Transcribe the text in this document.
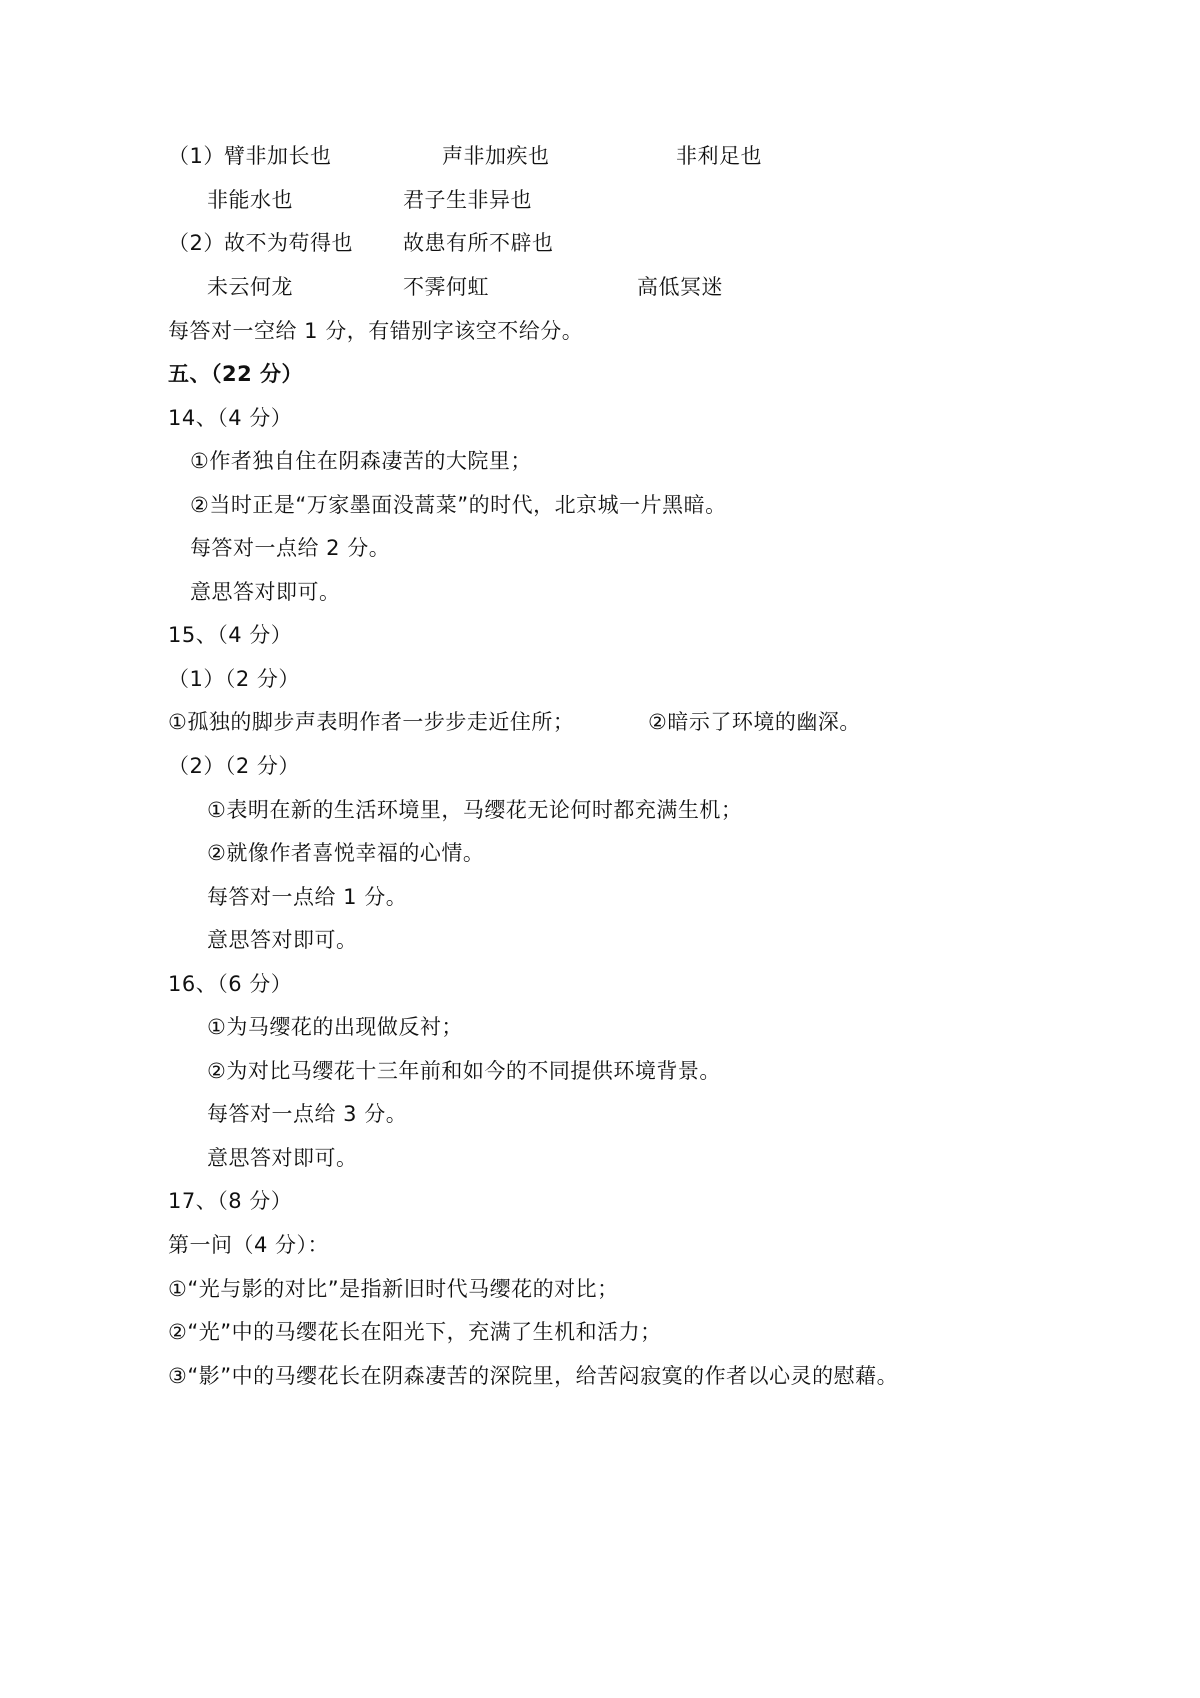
（1） 臂非加长也	声非加疾也	非利足也
非能水也	君子生非异也
（2） 故不为苟得也 故患有所不辟也
未云何龙	不霁何虹	高低冥迷
每答对一空给 1 分，有错别字该空不给分。
五、（22 分）
14、（4 分）
①作者独自住在阴森凄苦的大院里；
②当时正是“万家墨面没蒿菜”的时代，北京城一片黑暗。
每答对一点给 2 分。
意思答对即可。
15、（4 分）
（1）（2 分）
①孤独的脚步声表明作者一步步走近住所；	②暗示了环境的幽深。
（2）（2 分）
①表明在新的生活环境里，马缨花无论何时都充满生机；
②就像作者喜悦幸福的心情。
每答对一点给 1 分。
意思答对即可。
16、（6 分）
①为马缨花的出现做反衬；
②为对比马缨花十三年前和如今的不同提供环境背景。
每答对一点给 3 分。
意思答对即可。
17、（8 分）
第一问（4 分）：
①“光与影的对比”是指新旧时代马缨花的对比；
②“光”中的马缨花长在阳光下，充满了生机和活力；
③“影”中的马缨花长在阴森凄苦的深院里，给苦闷寂寞的作者以心灵的慰藉。
